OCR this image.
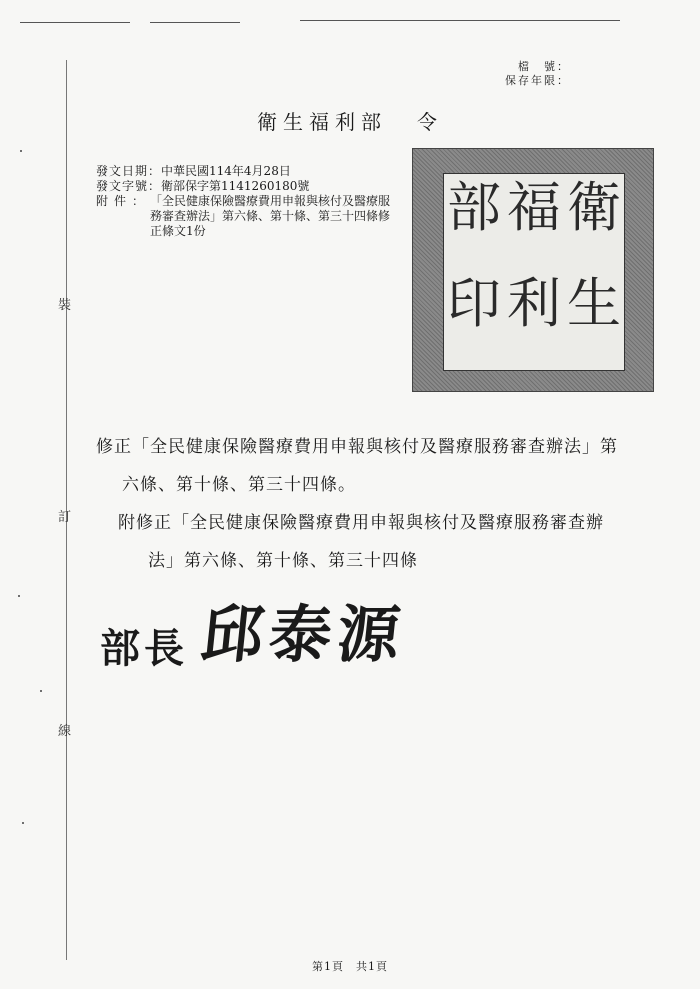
裝
訂
線
檔　號：
保存年限：
衛生福利部 令
發文日期： 中華民國114年4月28日
發文字號： 衛部保字第1141260180號
附件： 「全民健康保險醫療費用申報與核付及醫療服務審查辦法」第六條、第十條、第三十四條修正條文1份	衛
生
福
利
部
印
修正「全民健康保險醫療費用申報與核付及醫療服務審查辦法」第
六條、第十條、第三十四條。
附修正「全民健康保險醫療費用申報與核付及醫療服務審查辦
法」第六條、第十條、第三十四條
部長 邱泰源
第1頁　共1頁
